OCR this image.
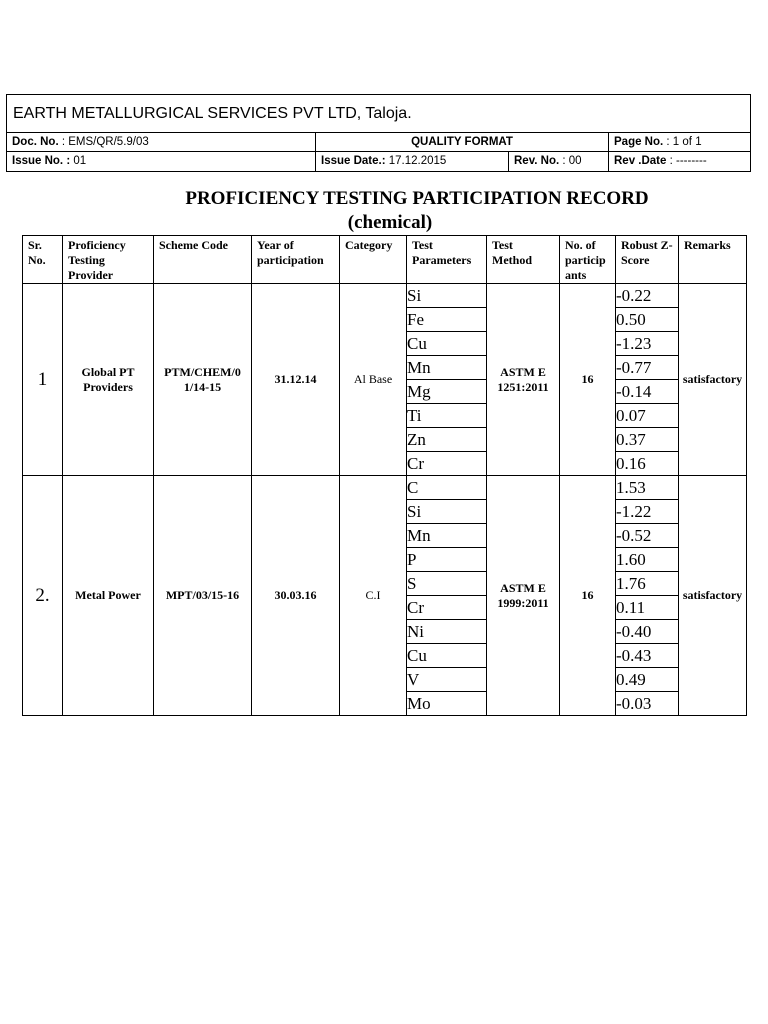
EARTH METALLURGICAL SERVICES PVT LTD, Taloja.
Doc. No. : EMS/QR/5.9/03	QUALITY FORMAT	Page No. : 1 of 1
Issue No. : 01	Issue Date.: 17.12.2015	Rev. No. : 00	Rev .Date : --------
PROFICIENCY TESTING PARTICIPATION RECORD
(chemical)
Sr. No.	Proficiency Testing Provider	Scheme Code	Year of participation	Category	Test Parameters	Test Method	No. of particip ants	Robust Z-Score	Remarks
1	Global PT Providers	PTM/CHEM/0 1/14-15	31.12.14	Al Base	Si	ASTM E 1251:2011	16	-0.22	satisfactory
					Fe			0.50	
					Cu			-1.23	
					Mn			-0.77	
					Mg			-0.14	
					Ti			0.07	
					Zn			0.37	
					Cr			0.16	
2.	Metal Power	MPT/03/15-16	30.03.16	C.I	C	ASTM E 1999:2011	16	1.53	satisfactory
					Si			-1.22	
					Mn			-0.52	
					P			1.60	
					S			1.76	
					Cr			0.11	
					Ni			-0.40	
					Cu			-0.43	
					V			0.49	
					Mo			-0.03	
